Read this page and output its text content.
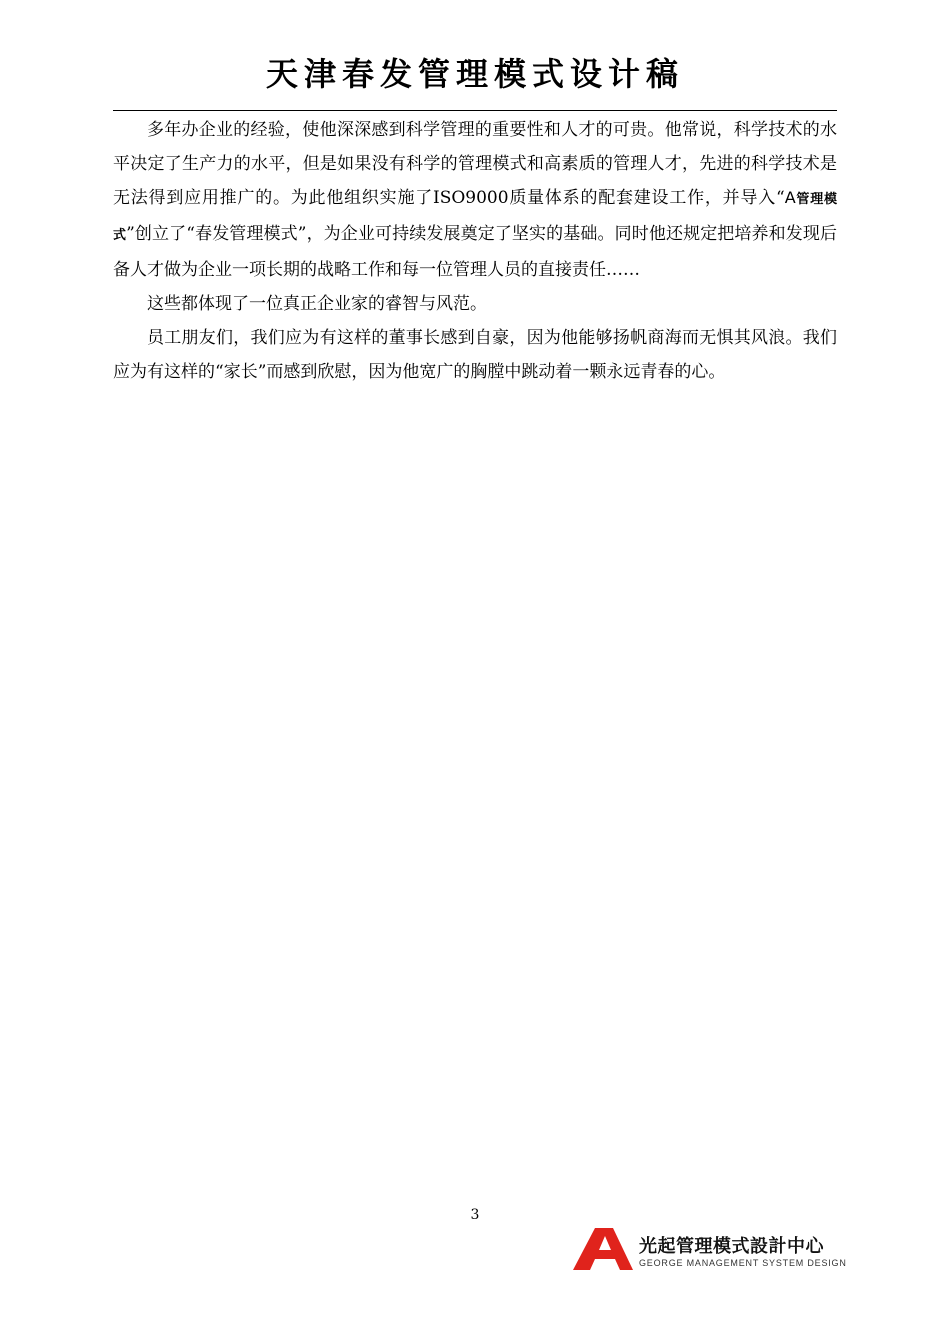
天津春发管理模式设计稿

多年办企业的经验，使他深深感到科学管理的重要性和人才的可贵。他常说，科学技术的水平决定了生产力的水平，但是如果没有科学的管理模式和高素质的管理人才，先进的科学技术是无法得到应用推广的。为此他组织实施了ISO9000质量体系的配套建设工作，并导入“A管理模式”创立了“春发管理模式”，为企业可持续发展奠定了坚实的基础。同时他还规定把培养和发现后备人才做为企业一项长期的战略工作和每一位管理人员的直接责任……

这些都体现了一位真正企业家的睿智与风范。

员工朋友们，我们应为有这样的董事长感到自豪，因为他能够扬帆商海而无惧其风浪。我们应为有这样的“家长”而感到欣慰，因为他宽广的胸膛中跳动着一颗永远青春的心。

3
光起管理模式設計中心
GEORGE MANAGEMENT SYSTEM DESIGN
